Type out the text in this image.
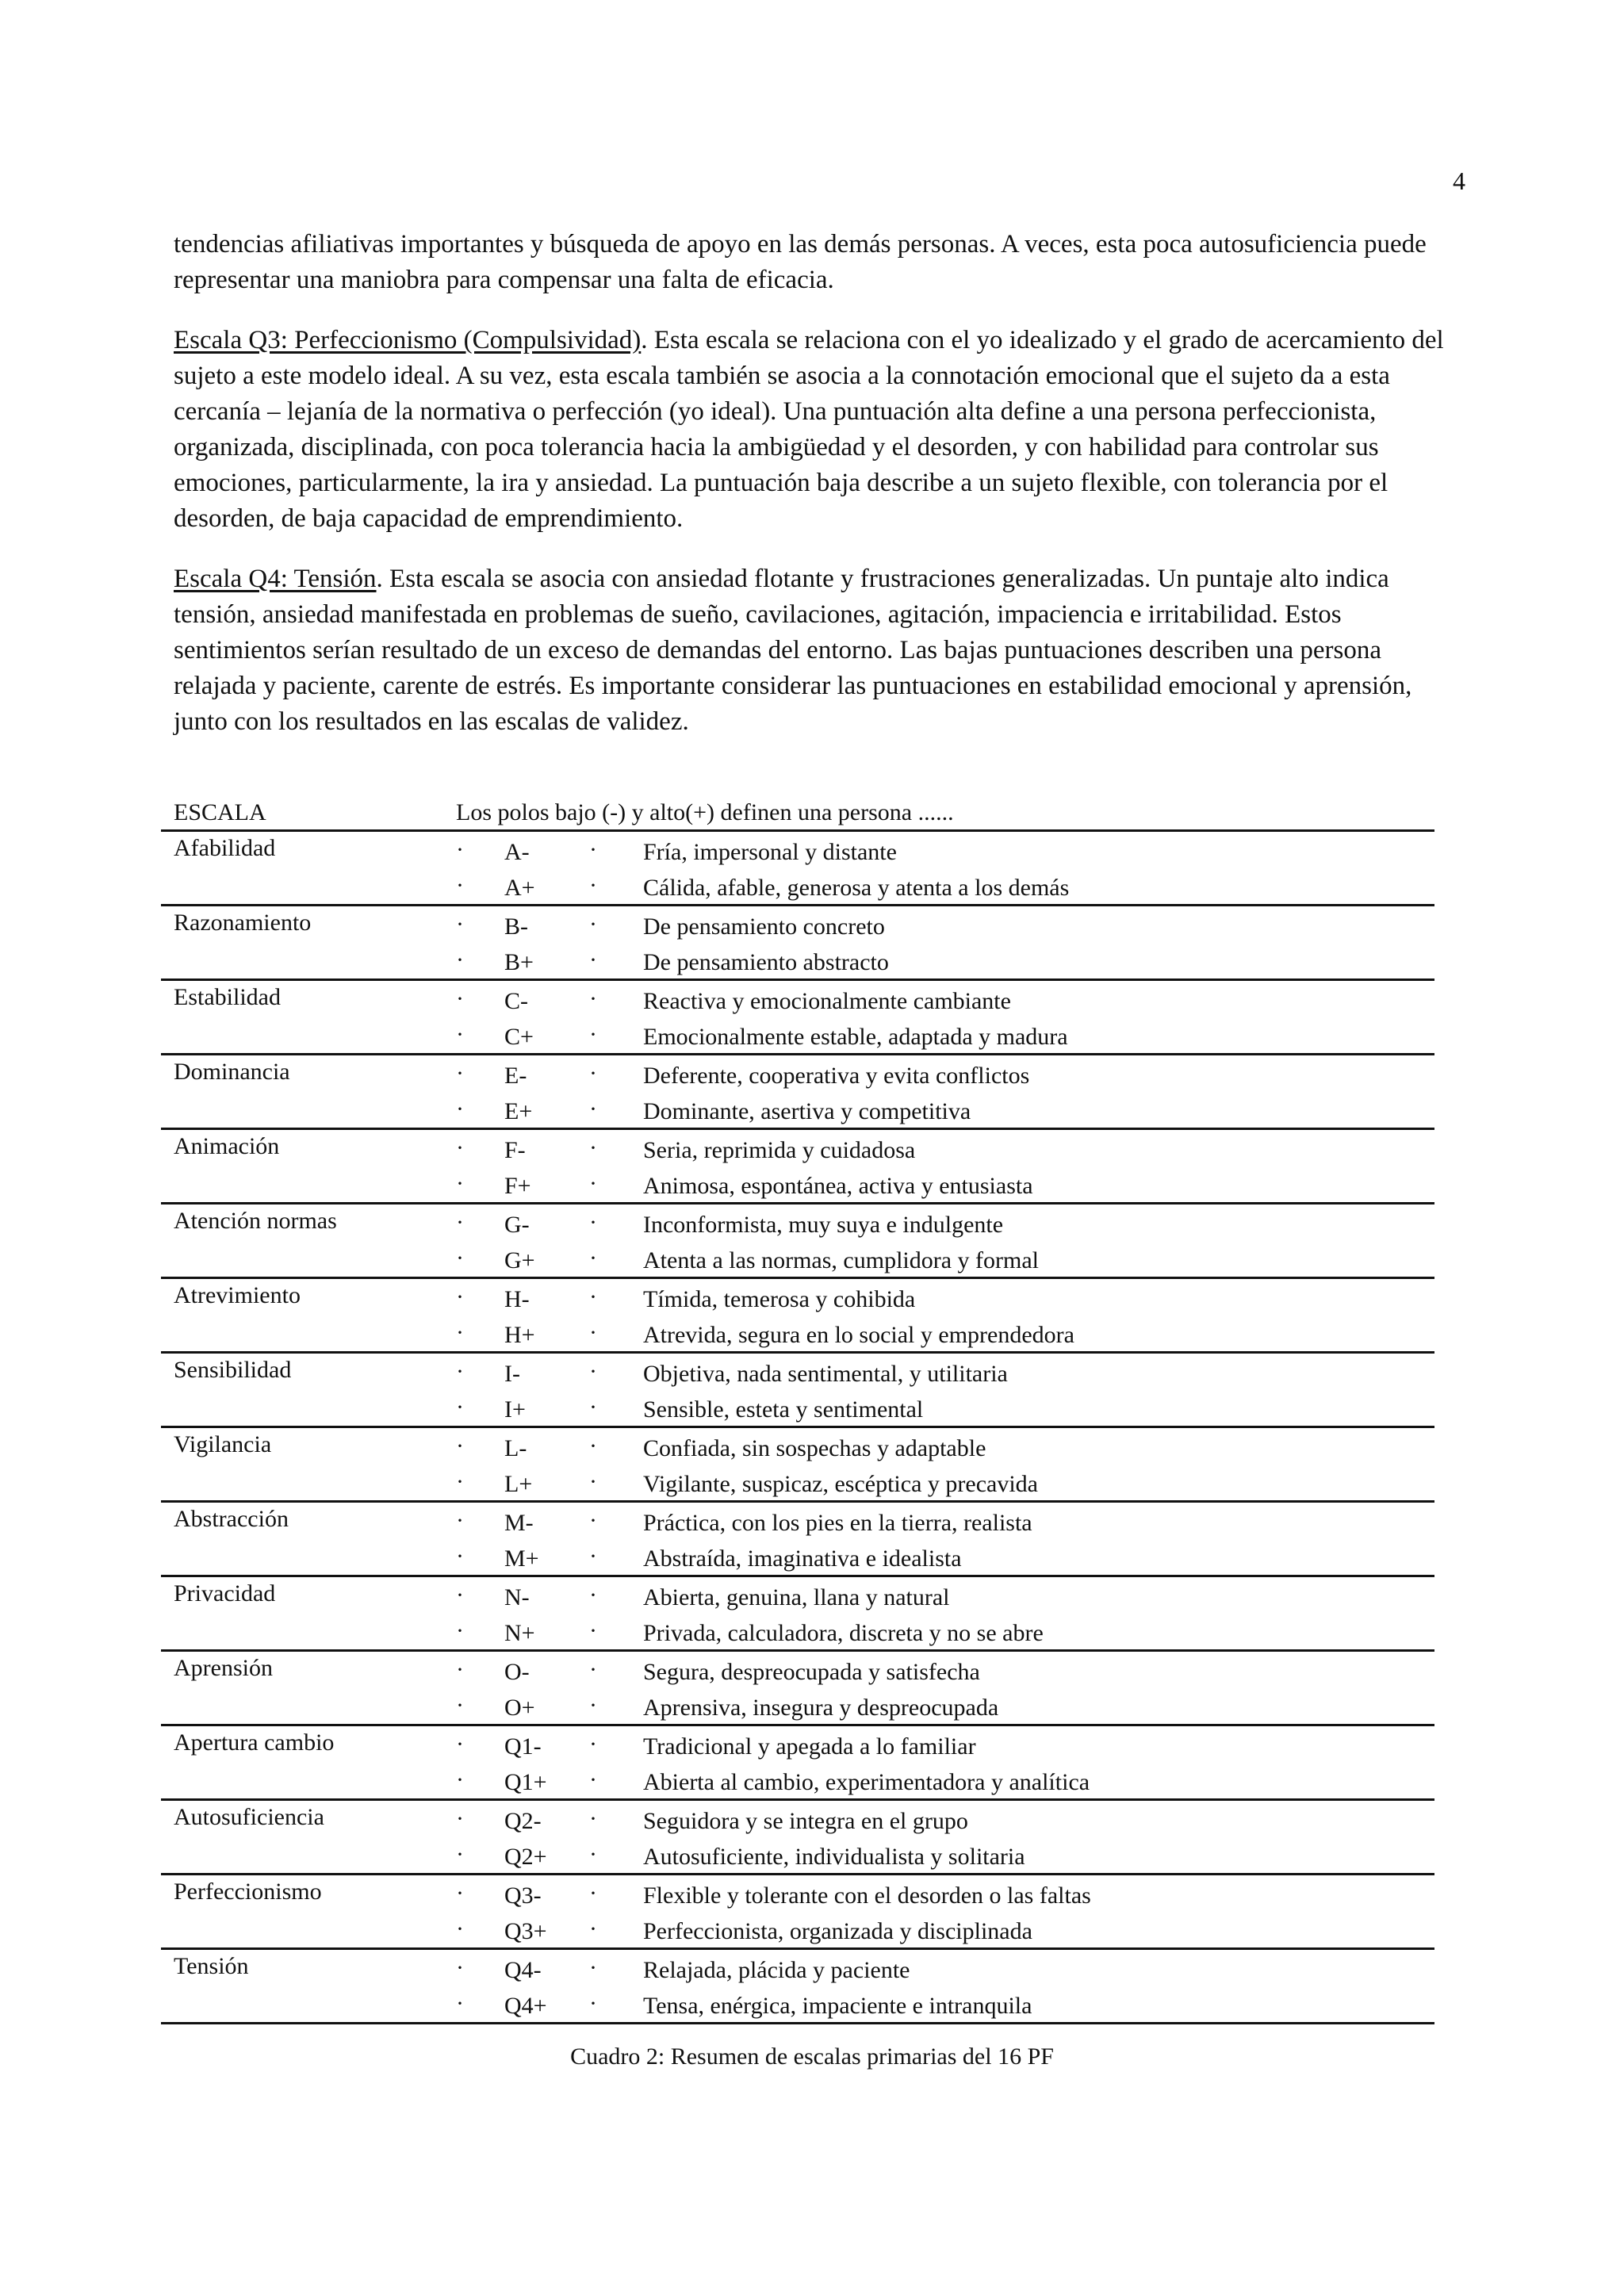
4

tendencias afiliativas importantes y búsqueda de apoyo en las demás personas. A veces, esta poca autosuficiencia puede representar una maniobra para compensar una falta de eficacia.

Escala Q3: Perfeccionismo (Compulsividad). Esta escala se relaciona con el yo idealizado y el grado de acercamiento del sujeto a este modelo ideal. A su vez, esta escala también se asocia a la connotación emocional que el sujeto da a esta cercanía – lejanía de la normativa o perfección (yo ideal). Una puntuación alta define a una persona perfeccionista, organizada, disciplinada, con poca tolerancia hacia la ambigüedad y el desorden, y con habilidad para controlar sus emociones, particularmente, la ira y ansiedad. La puntuación baja describe a un sujeto flexible, con tolerancia por el desorden, de baja capacidad de emprendimiento.

Escala Q4: Tensión. Esta escala se asocia con ansiedad flotante y frustraciones generalizadas. Un puntaje alto indica tensión, ansiedad manifestada en problemas de sueño, cavilaciones, agitación, impaciencia e irritabilidad. Estos sentimientos serían resultado de un exceso de demandas del entorno. Las bajas puntuaciones describen una persona relajada y paciente, carente de estrés. Es importante considerar las puntuaciones en estabilidad emocional y aprensión, junto con los resultados en las escalas de validez.

ESCALA	Los polos bajo (-) y alto(+) definen una persona ......
Afabilidad	· A-	· Fría, impersonal y distante
· A+ · Cálida, afable, generosa y atenta a los demás
Razonamiento	· B-	· De pensamiento concreto
· B+ · De pensamiento abstracto
Estabilidad	· C-	· Reactiva y emocionalmente cambiante
· C+ · Emocionalmente estable, adaptada y madura
Dominancia	· E-	· Deferente, cooperativa y evita conflictos
· E+ · Dominante, asertiva y competitiva
Animación	· F-	· Seria, reprimida y cuidadosa
· F+ · Animosa, espontánea, activa y entusiasta
Atención normas	· G-	· Inconformista, muy suya e indulgente
· G+ · Atenta a las normas, cumplidora y formal
Atrevimiento	· H-	· Tímida, temerosa y cohibida
· H+ · Atrevida, segura en lo social y emprendedora
Sensibilidad	· I-	· Objetiva, nada sentimental, y utilitaria
· I+	· Sensible, esteta y sentimental
Vigilancia	· L-	· Confiada, sin sospechas y adaptable
· L+ · Vigilante, suspicaz, escéptica y precavida
Abstracción	· M- · Práctica, con los pies en la tierra, realista
· M+ · Abstraída, imaginativa e idealista
Privacidad	· N-	· Abierta, genuina, llana y natural
· N+ · Privada, calculadora, discreta y no se abre
Aprensión	· O-	· Segura, despreocupada y satisfecha
· O+ · Aprensiva, insegura y despreocupada
Apertura cambio	· Q1- · Tradicional y apegada a lo familiar
· Q1+ · Abierta al cambio, experimentadora y analítica
Autosuficiencia	· Q2- · Seguidora y se integra en el grupo
· Q2+ · Autosuficiente, individualista y solitaria
Perfeccionismo	· Q3- · Flexible y tolerante con el desorden o las faltas
· Q3+ · Perfeccionista, organizada y disciplinada
Tensión	· Q4- · Relajada, plácida y paciente
· Q4+ · Tensa, enérgica, impaciente e intranquila
Cuadro 2: Resumen de escalas primarias del 16 PF
